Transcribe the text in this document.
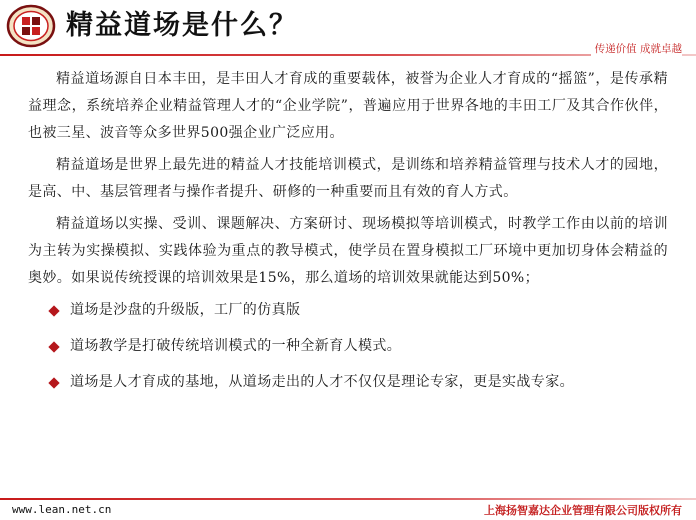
精益道场是什么？
传递价值 成就卓越

精益道场源自日本丰田，是丰田人才育成的重要载体，被誉为企业人才育成的“摇篮”，是传承精益理念，系统培养企业精益管理人才的“企业学院”，普遍应用于世界各地的丰田工厂及其合作伙伴，也被三星、波音等众多世界500强企业广泛应用。

精益道场是世界上最先进的精益人才技能培训模式，是训练和培养精益管理与技术人才的园地，是高、中、基层管理者与操作者提升、研修的一种重要而且有效的育人方式。

精益道场以实操、受训、课题解决、方案研讨、现场模拟等培训模式，时教学工作由以前的培训为主转为实操模拟、实践体验为重点的教导模式，使学员在置身模拟工厂环境中更加切身体会精益的奥妙。如果说传统授课的培训效果是15%，那么道场的培训效果就能达到50%；

道场是沙盘的升级版，工厂的仿真版
道场教学是打破传统培训模式的一种全新育人模式。
道场是人才育成的基地，从道场走出的人才不仅仅是理论专家，更是实战专家。
www.lean.net.cn	上海扬智嘉达企业管理有限公司版权所有
